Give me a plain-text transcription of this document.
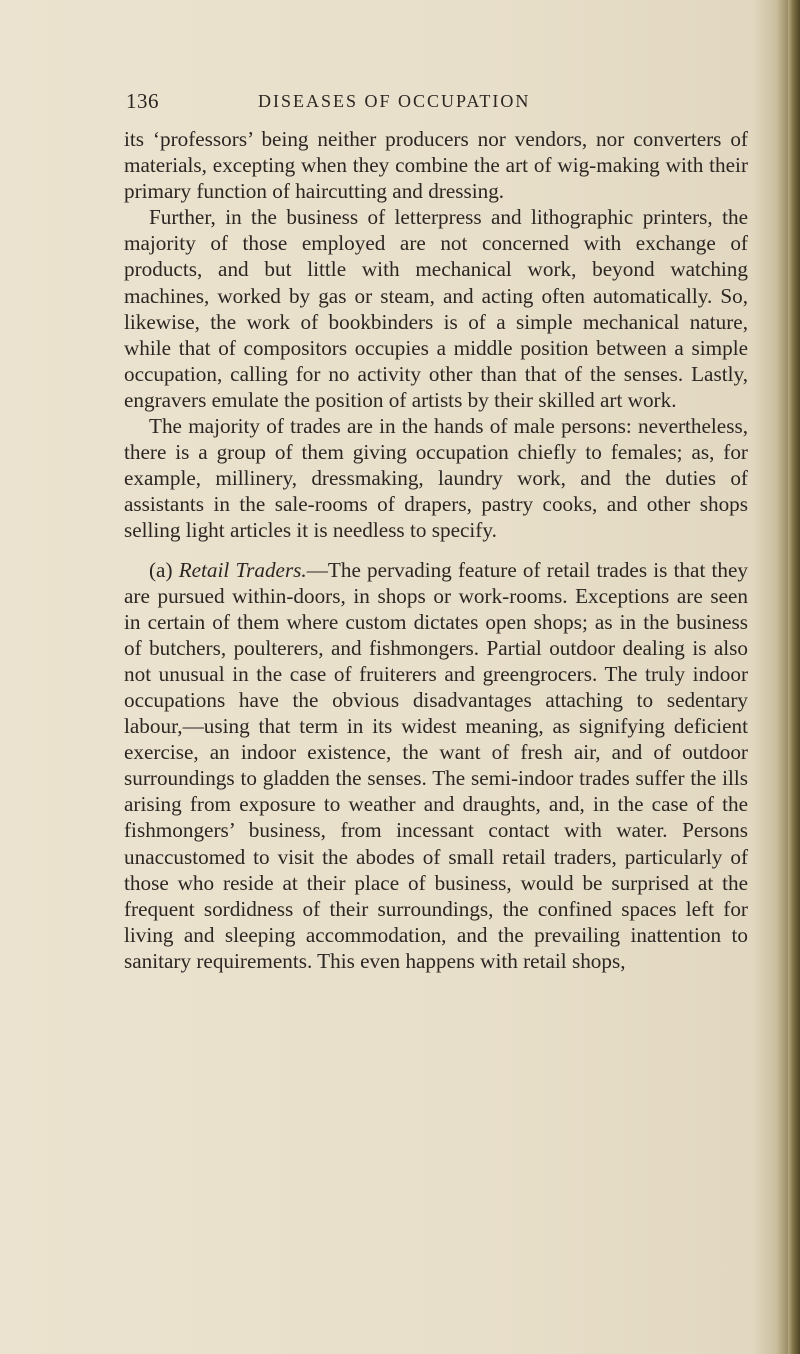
136	DISEASES OF OCCUPATION

its ‘professors’ being neither producers nor vendors, nor converters of materials, excepting when they combine the art of wig-making with their primary function of haircutting and dressing.

Further, in the business of letterpress and lithographic printers, the majority of those employed are not concerned with exchange of products, and but little with mechanical work, beyond watching machines, worked by gas or steam, and acting often automatically. So, likewise, the work of bookbinders is of a simple mechanical nature, while that of compositors occupies a middle position between a simple occupation, calling for no activity other than that of the senses. Lastly, engravers emulate the position of artists by their skilled art work.

The majority of trades are in the hands of male persons: nevertheless, there is a group of them giving occupation chiefly to females; as, for example, millinery, dressmaking, laundry work, and the duties of assistants in the sale-rooms of drapers, pastry cooks, and other shops selling light articles it is needless to specify.

(a) Retail Traders.—The pervading feature of retail trades is that they are pursued within-doors, in shops or work-rooms. Exceptions are seen in certain of them where custom dictates open shops; as in the business of butchers, poulterers, and fishmongers. Partial outdoor dealing is also not unusual in the case of fruiterers and greengrocers. The truly indoor occupations have the obvious disadvantages attaching to sedentary labour,—using that term in its widest meaning, as signifying deficient exercise, an indoor existence, the want of fresh air, and of outdoor surroundings to gladden the senses. The semi-indoor trades suffer the ills arising from exposure to weather and draughts, and, in the case of the fishmongers’ business, from incessant contact with water. Persons unaccustomed to visit the abodes of small retail traders, particularly of those who reside at their place of business, would be surprised at the frequent sordidness of their surroundings, the confined spaces left for living and sleeping accommodation, and the prevailing inattention to sanitary requirements. This even happens with retail shops,
